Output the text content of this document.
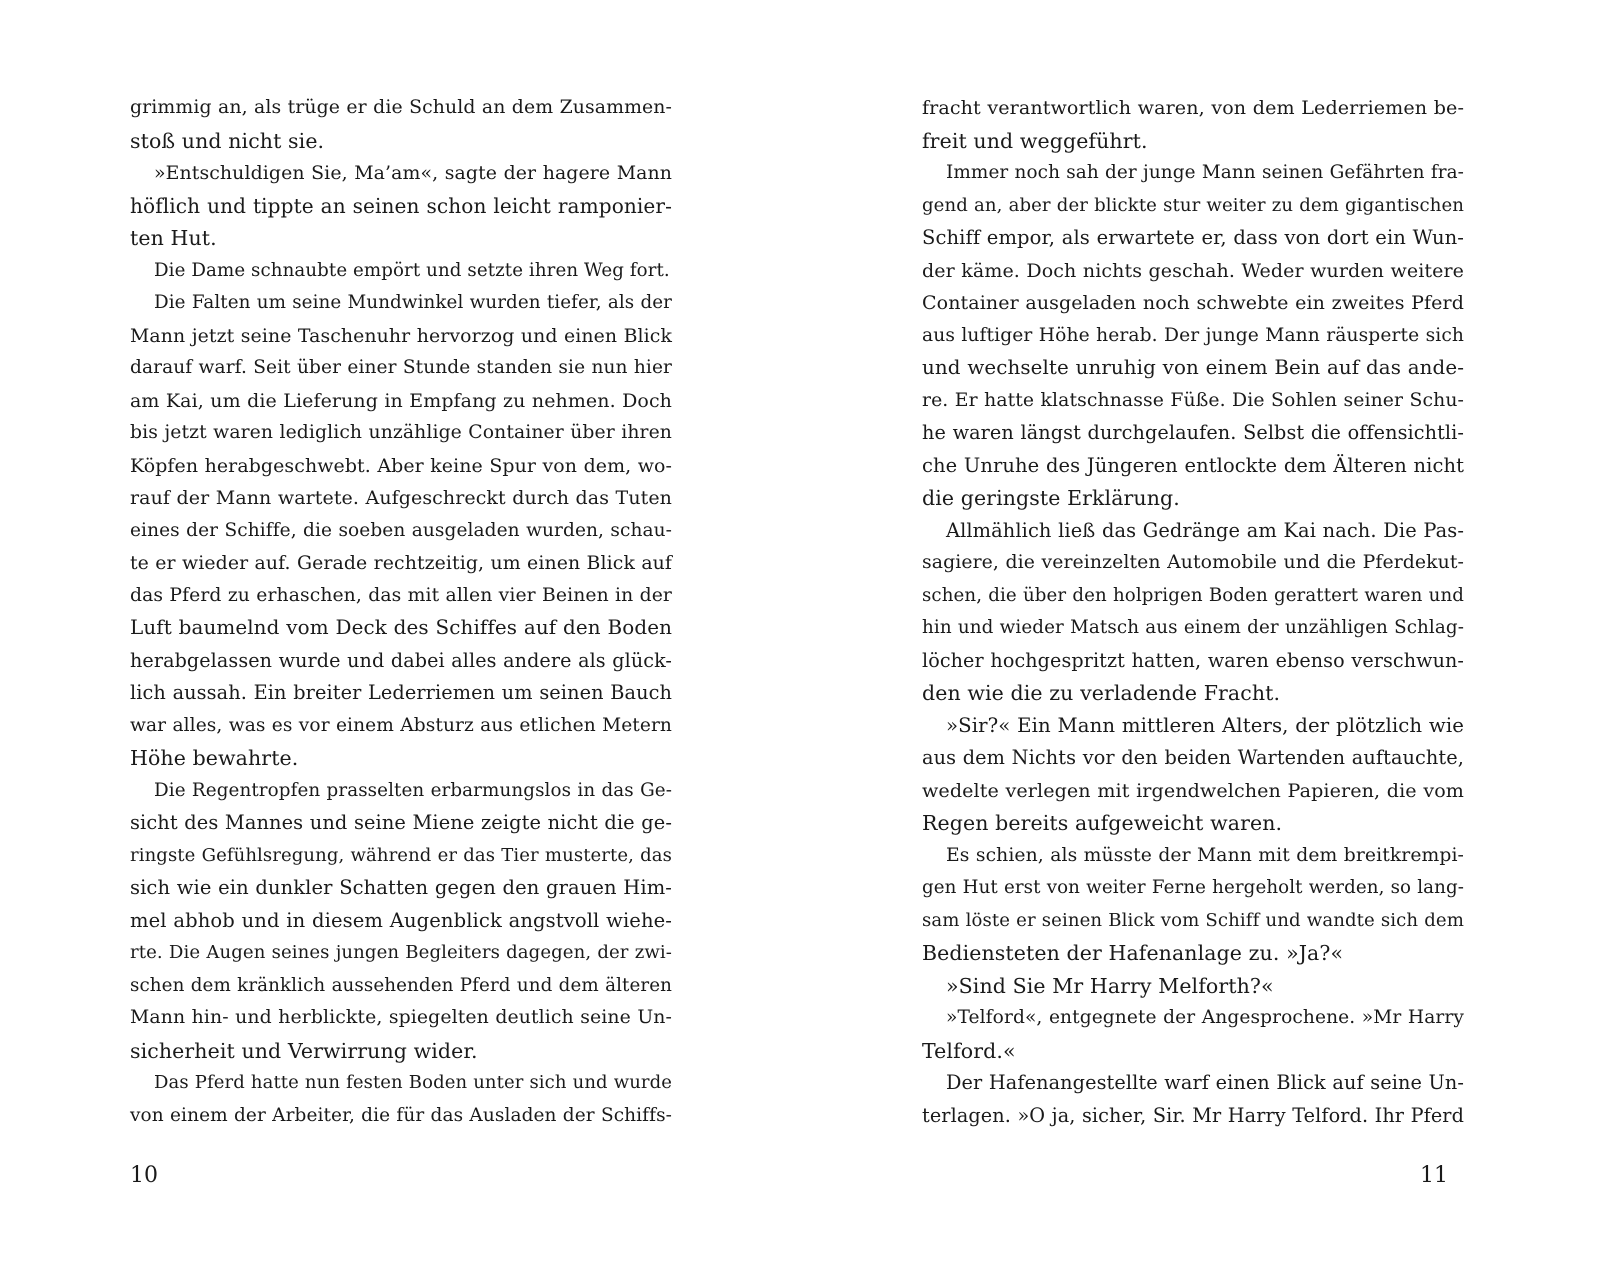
grimmig an, als trüge er die Schuld an dem Zusammen-
stoß und nicht sie.
»Entschuldigen Sie, Ma’am«, sagte der hagere Mann
höflich und tippte an seinen schon leicht ramponier-
ten Hut.
Die Dame schnaubte empört und setzte ihren Weg fort.
Die Falten um seine Mundwinkel wurden tiefer, als der
Mann jetzt seine Taschenuhr hervorzog und einen Blick
darauf warf. Seit über einer Stunde standen sie nun hier
am Kai, um die Lieferung in Empfang zu nehmen. Doch
bis jetzt waren lediglich unzählige Container über ihren
Köpfen herabgeschwebt. Aber keine Spur von dem, wo-
rauf der Mann wartete. Aufgeschreckt durch das Tuten
eines der Schiffe, die soeben ausgeladen wurden, schau-
te er wieder auf. Gerade rechtzeitig, um einen Blick auf
das Pferd zu erhaschen, das mit allen vier Beinen in der
Luft baumelnd vom Deck des Schiffes auf den Boden
herabgelassen wurde und dabei alles andere als glück-
lich aussah. Ein breiter Lederriemen um seinen Bauch
war alles, was es vor einem Absturz aus etlichen Metern
Höhe bewahrte.
Die Regentropfen prasselten erbarmungslos in das Ge-
sicht des Mannes und seine Miene zeigte nicht die ge-
ringste Gefühlsregung, während er das Tier musterte, das
sich wie ein dunkler Schatten gegen den grauen Him-
mel abhob und in diesem Augenblick angstvoll wiehe-
rte. Die Augen seines jungen Begleiters dagegen, der zwi-
schen dem kränklich aussehenden Pferd und dem älteren
Mann hin- und herblickte, spiegelten deutlich seine Un-
sicherheit und Verwirrung wider.
Das Pferd hatte nun festen Boden unter sich und wurde
von einem der Arbeiter, die für das Ausladen der Schiffs-
fracht verantwortlich waren, von dem Lederriemen be-
freit und weggeführt.
Immer noch sah der junge Mann seinen Gefährten fra-
gend an, aber der blickte stur weiter zu dem gigantischen
Schiff empor, als erwartete er, dass von dort ein Wun-
der käme. Doch nichts geschah. Weder wurden weitere
Container ausgeladen noch schwebte ein zweites Pferd
aus luftiger Höhe herab. Der junge Mann räusperte sich
und wechselte unruhig von einem Bein auf das ande-
re. Er hatte klatschnasse Füße. Die Sohlen seiner Schu-
he waren längst durchgelaufen. Selbst die offensichtli-
che Unruhe des Jüngeren entlockte dem Älteren nicht
die geringste Erklärung.
Allmählich ließ das Gedränge am Kai nach. Die Pas-
sagiere, die vereinzelten Automobile und die Pferdekut-
schen, die über den holprigen Boden gerattert waren und
hin und wieder Matsch aus einem der unzähligen Schlag-
löcher hochgespritzt hatten, waren ebenso verschwun-
den wie die zu verladende Fracht.
»Sir?« Ein Mann mittleren Alters, der plötzlich wie
aus dem Nichts vor den beiden Wartenden auftauchte,
wedelte verlegen mit irgendwelchen Papieren, die vom
Regen bereits aufgeweicht waren.
Es schien, als müsste der Mann mit dem breitkrempi-
gen Hut erst von weiter Ferne hergeholt werden, so lang-
sam löste er seinen Blick vom Schiff und wandte sich dem
Bediensteten der Hafenanlage zu. »Ja?«
»Sind Sie Mr Harry Melforth?«
»Telford«, entgegnete der Angesprochene. »Mr Harry
Telford.«
Der Hafenangestellte warf einen Blick auf seine Un-
terlagen. »O ja, sicher, Sir. Mr Harry Telford. Ihr Pferd
10	11
